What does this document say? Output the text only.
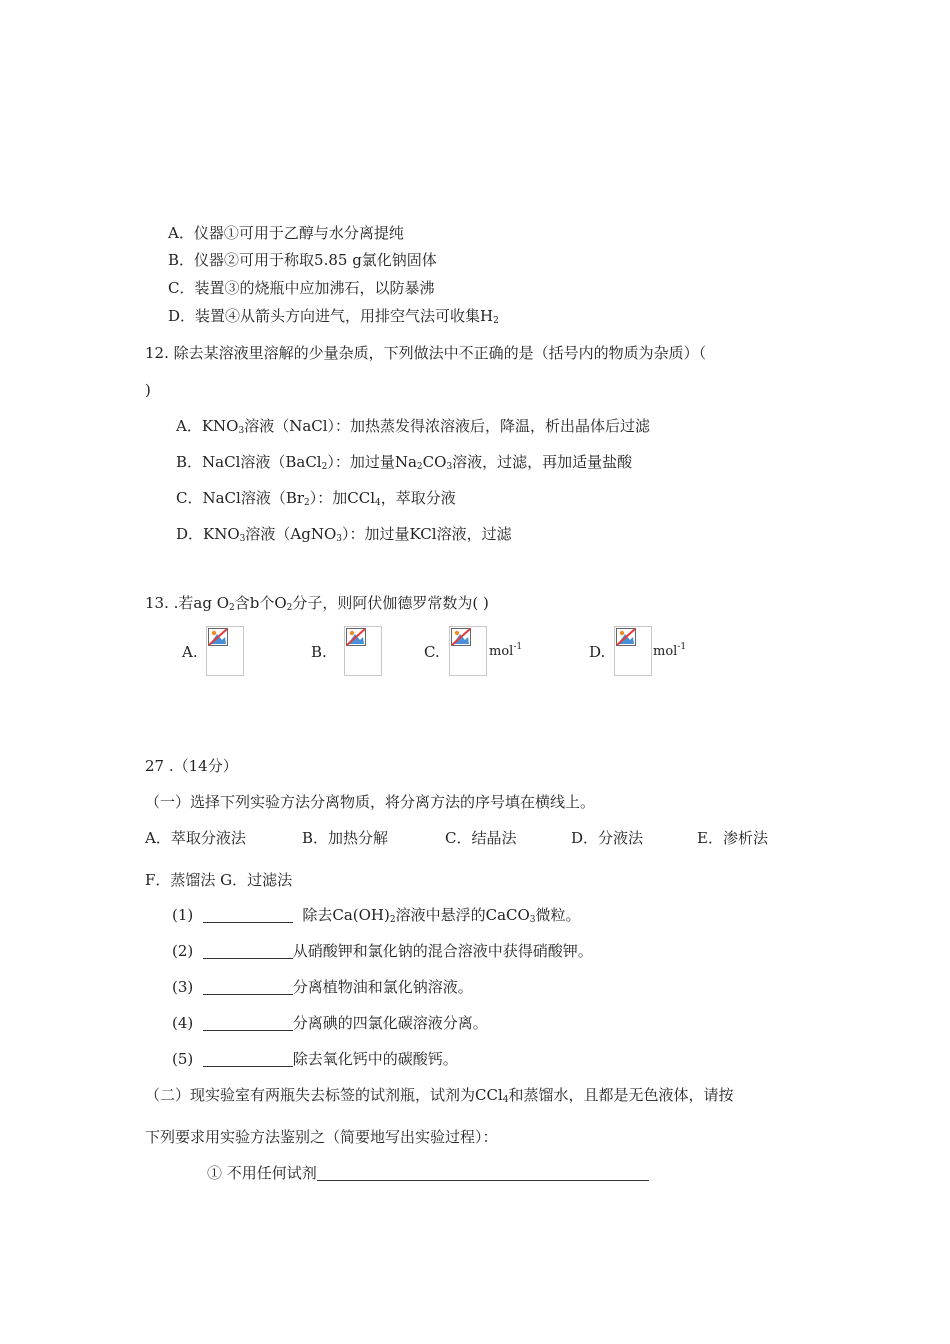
A．仪器①可用于乙醇与水分离提纯
B．仪器②可用于称取5.85 g氯化钠固体
C．装置③的烧瓶中应加沸石，以防暴沸
D．装置④从箭头方向进气，用排空气法可收集$H_2$
12. 除去某溶液里溶解的少量杂质，下列做法中不正确的是（括号内的物质为杂质）（
)
A．$KNO_3$溶液（NaCl）：加热蒸发得浓溶液后，降温，析出晶体后过滤
B．NaCl溶液（BaCl$_2$）：加过量$Na_2CO_3$溶液，过滤，再加适量盐酸
C．NaCl溶液$(Br_2)$：加CCl$_4$，萃取分液
D．$KNO_3$溶液（AgNO$_3$）：加过量KCl溶液，过滤
13. .若ag $O_2$含b个$O_2$分子，则阿伏伽德罗常数为( )
A.	B.	C.	mol$^{-1}$	D.	mol$^{-1}$
27 .（14分）
（一）选择下列实验方法分离物质，将分离方法的序号填在横线上。
A．萃取分液法	B．加热分解	C．结晶法	D．分液法	E．渗析法
F．蒸馏法 G．过滤法
(1)	除去$Ca(OH)_2$溶液中悬浮的CaCO$_3$微粒。
(2)	从硝酸钾和氯化钠的混合溶液中获得硝酸钾。
(3)	分离植物油和氯化钠溶液。
(4)	分离碘的四氯化碳溶液分离。
(5)	除去氧化钙中的碳酸钙。
（二）现实验室有两瓶失去标签的试剂瓶，试剂为CCl$_4$和蒸馏水，且都是无色液体，请按
下列要求用实验方法鉴别之（简要地写出实验过程）：
① 不用任何试剂
